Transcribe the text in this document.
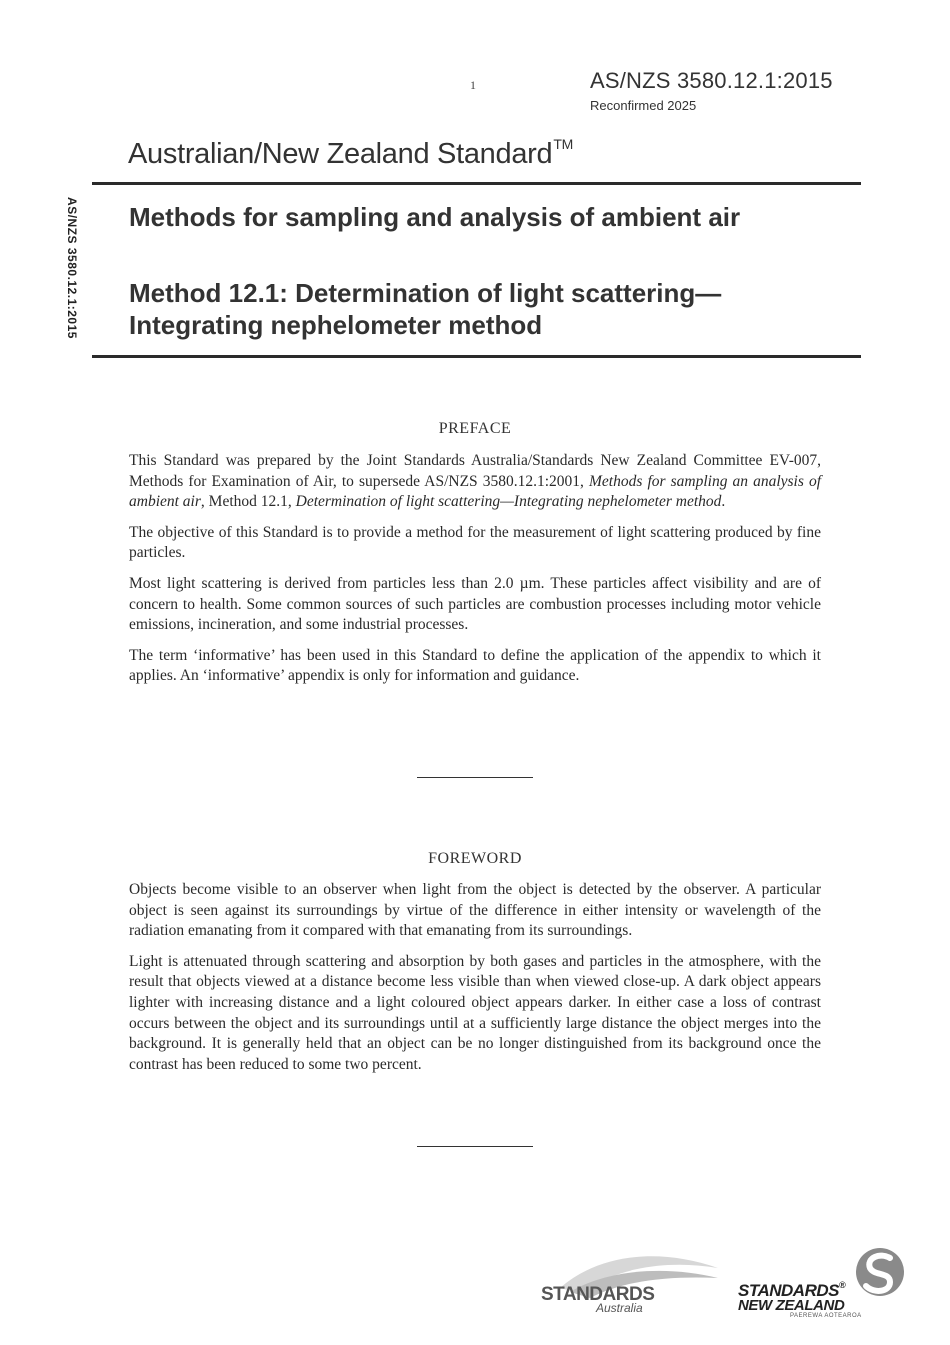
1	AS/NZS 3580.12.1:2015
Reconfirmed 2025
Australian/New Zealand Standard™
AS/NZS 3580.12.1:2015 Methods for sampling and analysis of ambient air
Method 12.1: Determination of light scattering—
Integrating nephelometer method
PREFACE

This Standard was prepared by the Joint Standards Australia/Standards New Zealand Committee EV-007, Methods for Examination of Air, to supersede AS/NZS 3580.12.1:2001, Methods for sampling an analysis of ambient air, Method 12.1, Determination of light scattering—Integrating nephelometer method.

The objective of this Standard is to provide a method for the measurement of light scattering produced by fine particles.

Most light scattering is derived from particles less than 2.0 µm. These particles affect visibility and are of concern to health. Some common sources of such particles are combustion processes including motor vehicle emissions, incineration, and some industrial processes.

The term ‘informative’ has been used in this Standard to define the application of the appendix to which it applies. An ‘informative’ appendix is only for information and guidance.

FOREWORD

Objects become visible to an observer when light from the object is detected by the observer. A particular object is seen against its surroundings by virtue of the difference in either intensity or wavelength of the radiation emanating from it compared with that emanating from its surroundings.

Light is attenuated through scattering and absorption by both gases and particles in the atmosphere, with the result that objects viewed at a distance become less visible than when viewed close-up. A dark object appears lighter with increasing distance and a light coloured object appears darker. In either case a loss of contrast occurs between the object and its surroundings until at a sufficiently large distance the object merges into the background. It is generally held that an object can be no longer distinguished from its background once the contrast has been reduced to some two percent.

STANDARDS
Australia
STANDARDS®
NEW ZEALAND
PAEREWA AOTEAROA
